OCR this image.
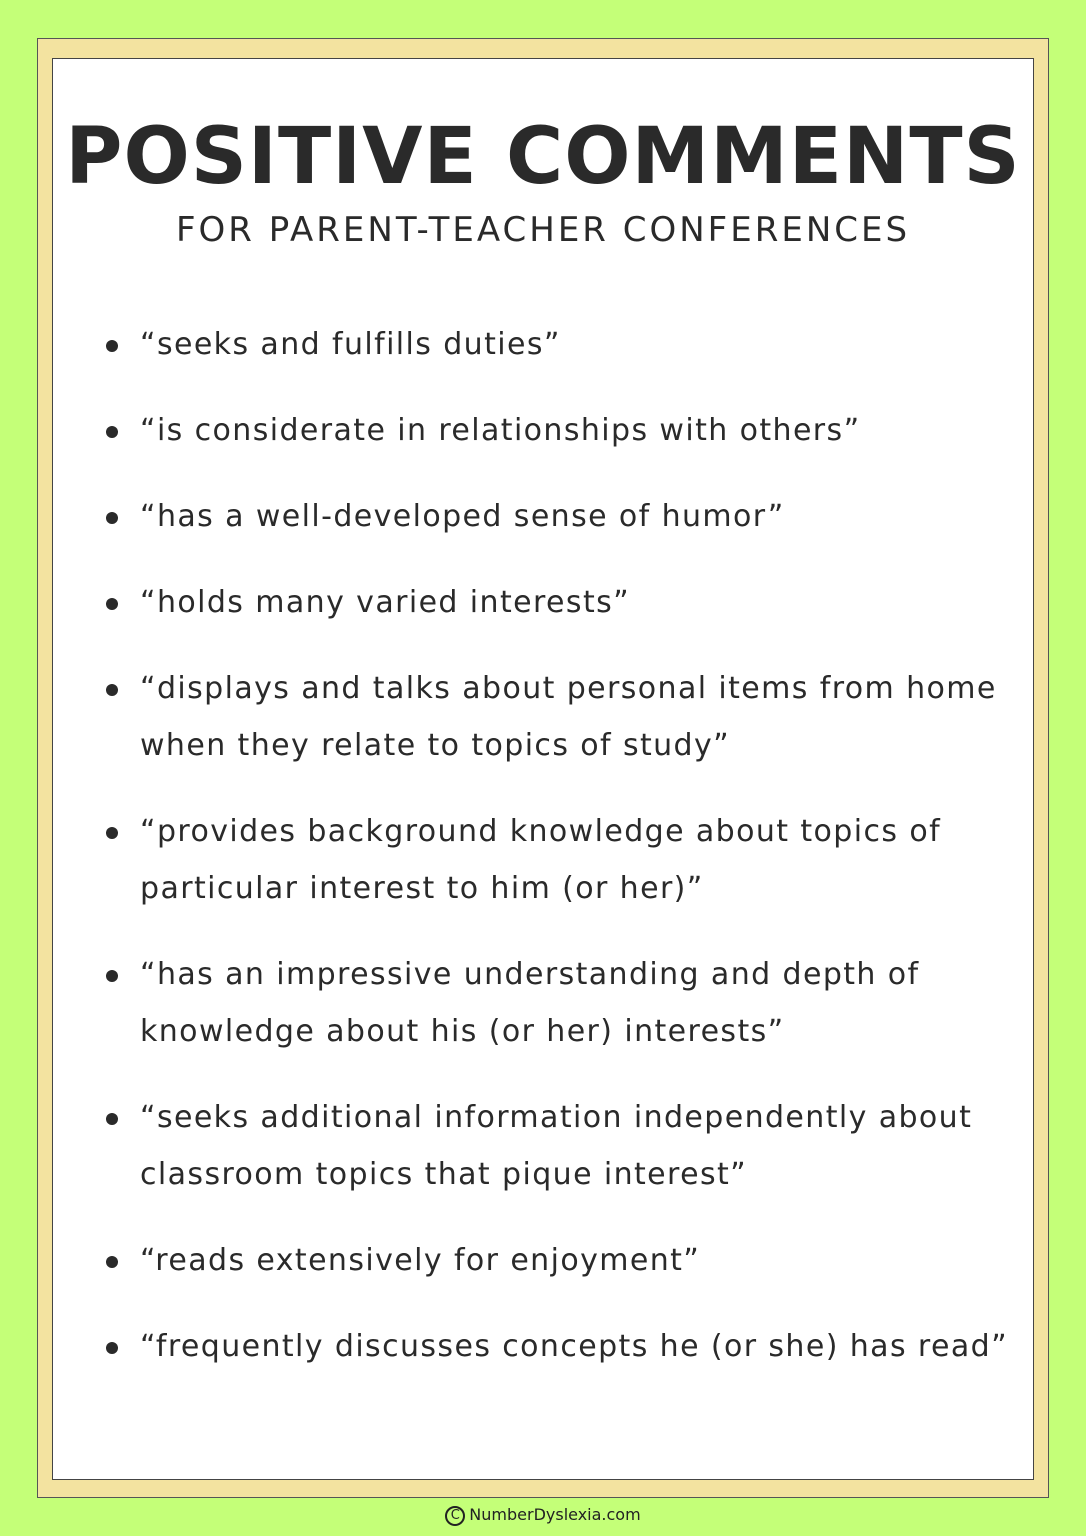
POSITIVE COMMENTS
FOR PARENT-TEACHER CONFERENCES
“seeks and fulfills duties”
“is considerate in relationships with others”
“has a well-developed sense of humor”
“holds many varied interests”
“displays and talks about personal items from home when they relate to topics of study”
“provides background knowledge about topics of particular interest to him (or her)”
“has an impressive understanding and depth of knowledge about his (or her) interests”
“seeks additional information independently about classroom topics that pique interest”
“reads extensively for enjoyment”
“frequently discusses concepts he (or she) has read”
C NumberDyslexia.com
